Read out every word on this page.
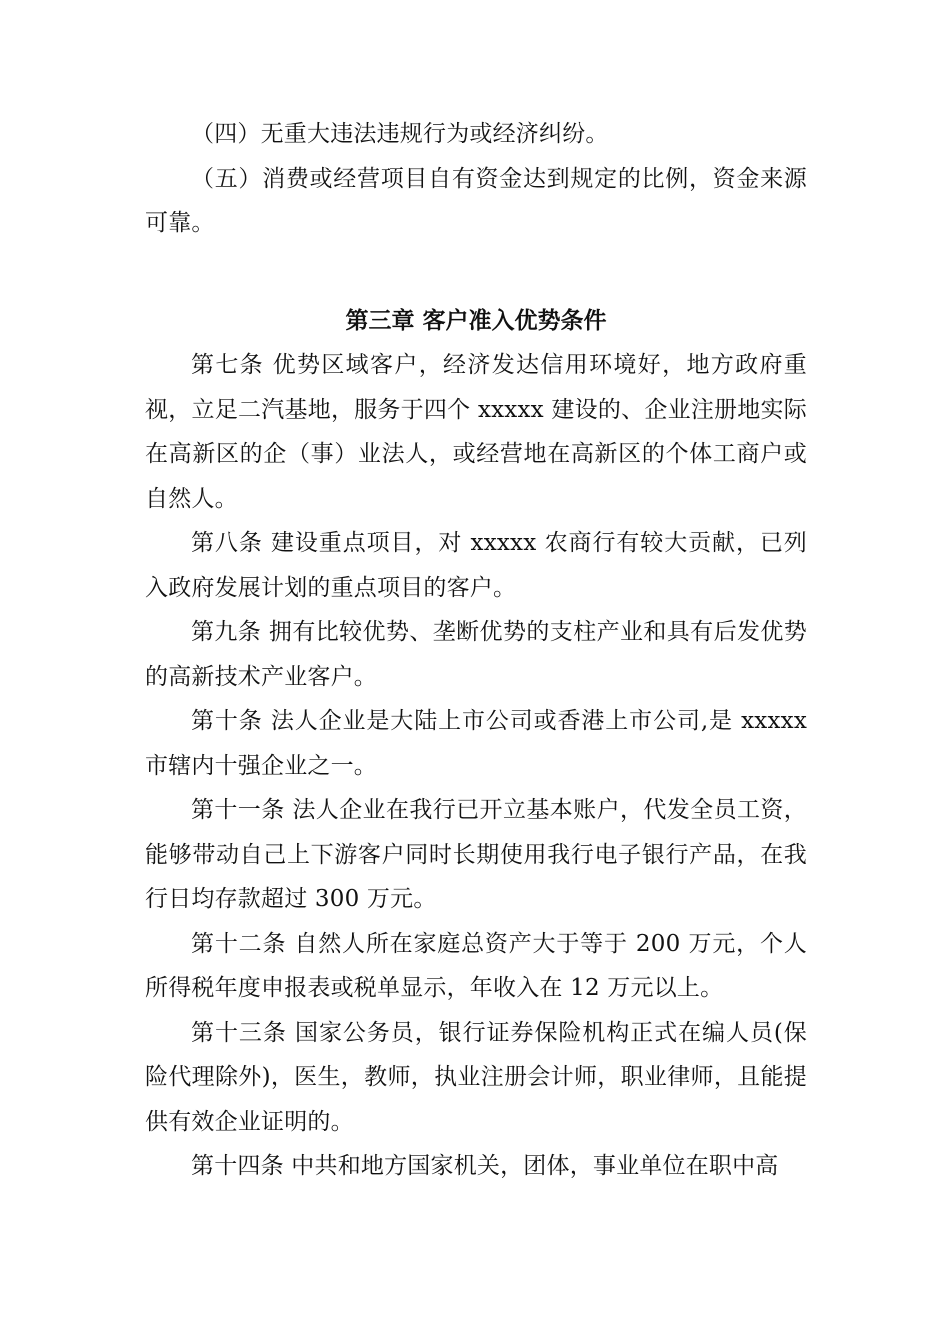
（四）无重大违法违规行为或经济纠纷。

（五）消费或经营项目自有资金达到规定的比例，资金来源可靠。

第三章 客户准入优势条件

第七条 优势区域客户，经济发达信用环境好，地方政府重视，立足二汽基地，服务于四个 xxxxx 建设的、企业注册地实际在高新区的企（事）业法人，或经营地在高新区的个体工商户或自然人。

第八条 建设重点项目，对 xxxxx 农商行有较大贡献，已列入政府发展计划的重点项目的客户。

第九条 拥有比较优势、垄断优势的支柱产业和具有后发优势的高新技术产业客户。

第十条 法人企业是大陆上市公司或香港上市公司,是 xxxxx 市辖内十强企业之一。

第十一条 法人企业在我行已开立基本账户，代发全员工资，能够带动自己上下游客户同时长期使用我行电子银行产品，在我行日均存款超过 300 万元。

第十二条 自然人所在家庭总资产大于等于 200 万元，个人所得税年度申报表或税单显示，年收入在 12 万元以上。

第十三条 国家公务员，银行证券保险机构正式在编人员(保险代理除外)，医生，教师，执业注册会计师，职业律师，且能提供有效企业证明的。

第十四条 中共和地方国家机关，团体，事业单位在职中高
